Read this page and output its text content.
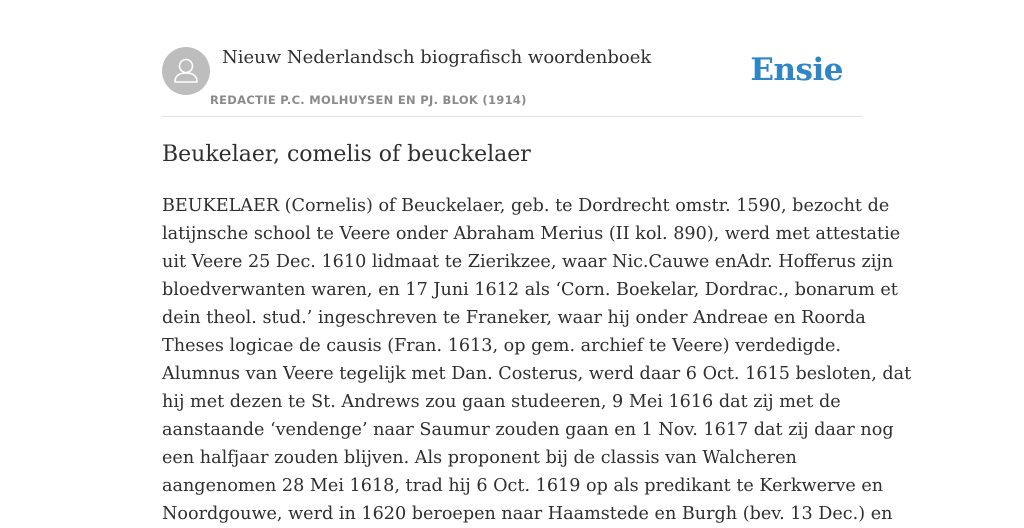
Nieuw Nederlandsch biografisch woordenboek
REDACTIE P.C. MOLHUYSEN EN PJ. BLOK (1914)
Ensie
Beukelaer, comelis of beuckelaer
BEUKELAER (Cornelis) of Beuckelaer, geb. te Dordrecht omstr. 1590, bezocht de
latijnsche school te Veere onder Abraham Merius (II kol. 890), werd met attestatie
uit Veere 25 Dec. 1610 lidmaat te Zierikzee, waar Nic.Cauwe enAdr. Hofferus zijn
bloedverwanten waren, en 17 Juni 1612 als ‘Corn. Boekelar, Dordrac., bonarum et
dein theol. stud.’ ingeschreven te Franeker, waar hij onder Andreae en Roorda
Theses logicae de causis (Fran. 1613, op gem. archief te Veere) verdedigde.
Alumnus van Veere tegelijk met Dan. Costerus, werd daar 6 Oct. 1615 besloten, dat
hij met dezen te St. Andrews zou gaan studeeren, 9 Mei 1616 dat zij met de
aanstaande ‘vendenge’ naar Saumur zouden gaan en 1 Nov. 1617 dat zij daar nog
een halfjaar zouden blijven. Als proponent bij de classis van Walcheren
aangenomen 28 Mei 1618, trad hij 6 Oct. 1619 op als predikant te Kerkwerve en
Noordgouwe, werd in 1620 beroepen naar Haamstede en Burgh (bev. 13 Dec.) en
